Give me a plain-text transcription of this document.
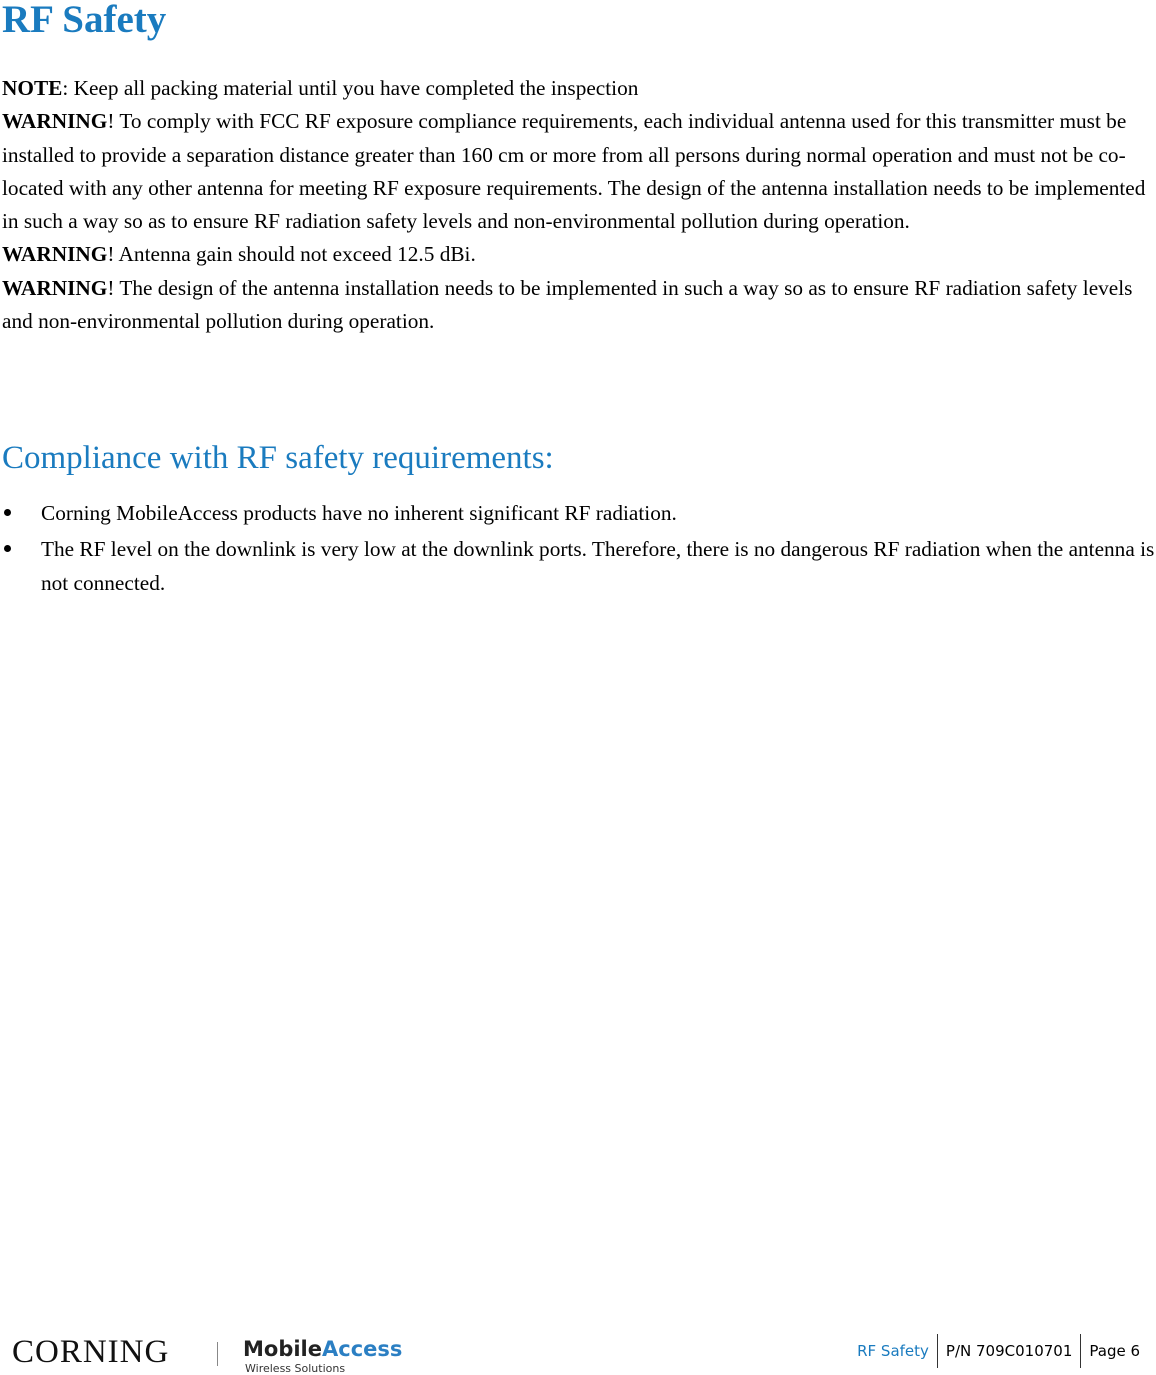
RF Safety

NOTE: Keep all packing material until you have completed the inspection

WARNING! To comply with FCC RF exposure compliance requirements, each individual antenna used for this transmitter must be installed to provide a separation distance greater than 160 cm or more from all persons during normal operation and must not be co-located with any other antenna for meeting RF exposure requirements. The design of the antenna installation needs to be implemented in such a way so as to ensure RF radiation safety levels and non-environmental pollution during operation.

WARNING! Antenna gain should not exceed 12.5 dBi.

WARNING! The design of the antenna installation needs to be implemented in such a way so as to ensure RF radiation safety levels and non-environmental pollution during operation.

Compliance with RF safety requirements:
Corning MobileAccess products have no inherent significant RF radiation.
The RF level on the downlink is very low at the downlink ports. Therefore, there is no dangerous RF radiation when the antenna is not connected.
CORNING	MobileAccess
Wireless Solutions
RF Safety	P/N 709C010701	Page 6
